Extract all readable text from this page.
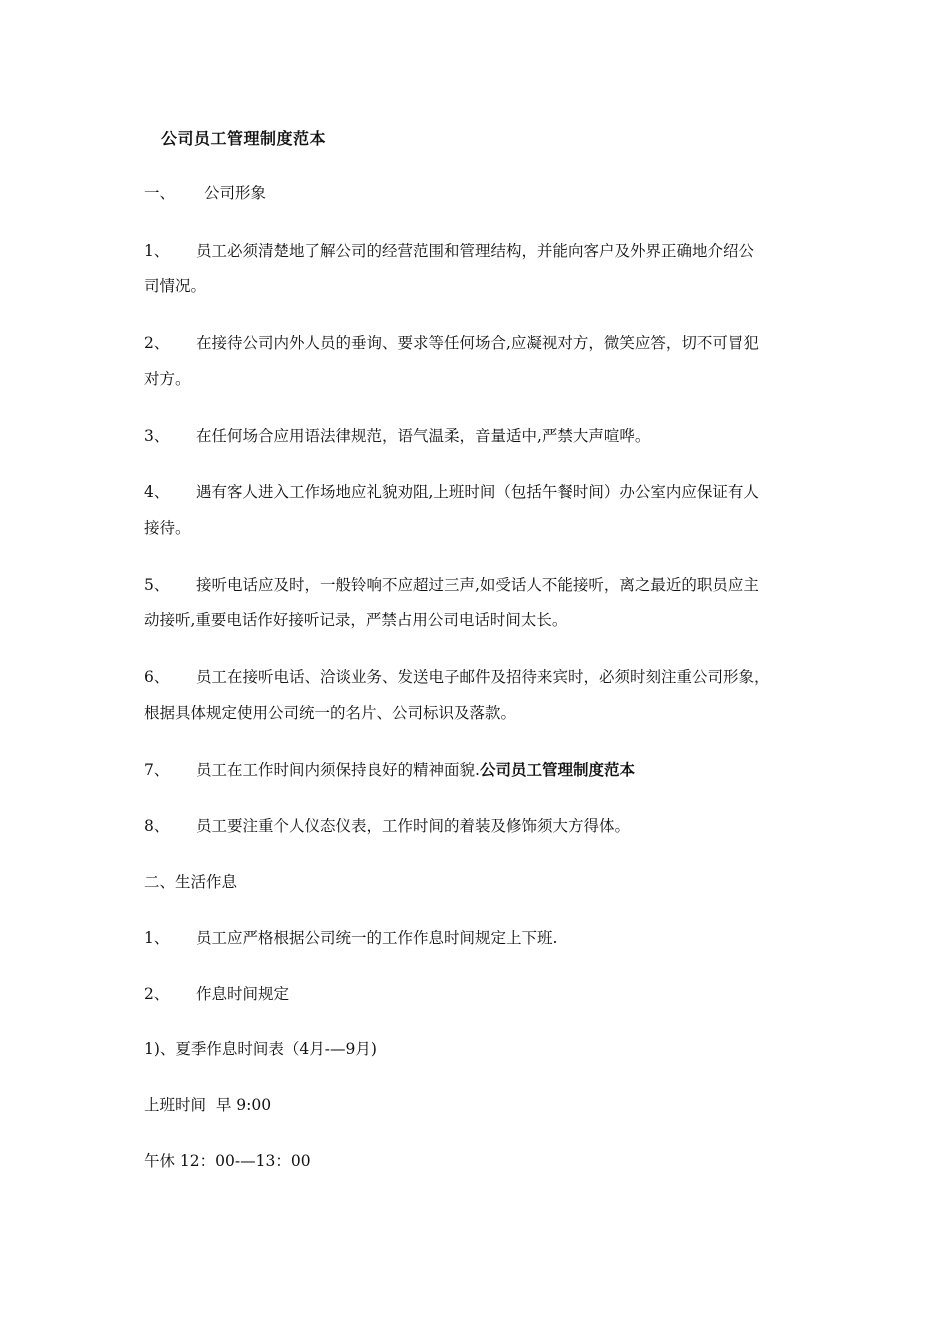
公司员工管理制度范本
一、 公司形象
1、 员工必须清楚地了解公司的经营范围和管理结构，并能向客户及外界正确地介绍公
司情况。
2、 在接待公司内外人员的垂询、要求等任何场合,应凝视对方，微笑应答，切不可冒犯
对方。
3、 在任何场合应用语法律规范，语气温柔，音量适中,严禁大声喧哗。
4、 遇有客人进入工作场地应礼貌劝阻,上班时间（包括午餐时间）办公室内应保证有人
接待。
5、 接听电话应及时，一般铃响不应超过三声,如受话人不能接听，离之最近的职员应主
动接听,重要电话作好接听记录，严禁占用公司电话时间太长。
6、 员工在接听电话、洽谈业务、发送电子邮件及招待来宾时，必须时刻注重公司形象，
根据具体规定使用公司统一的名片、公司标识及落款。
7、 员工在工作时间内须保持良好的精神面貌.公司员工管理制度范本
8、 员工要注重个人仪态仪表，工作时间的着装及修饰须大方得体。
二、生活作息
1、 员工应严格根据公司统一的工作作息时间规定上下班.
2、 作息时间规定
1)、夏季作息时间表（4月-—9月)
上班时间  早 9:00
午休 12：00-—13：00
